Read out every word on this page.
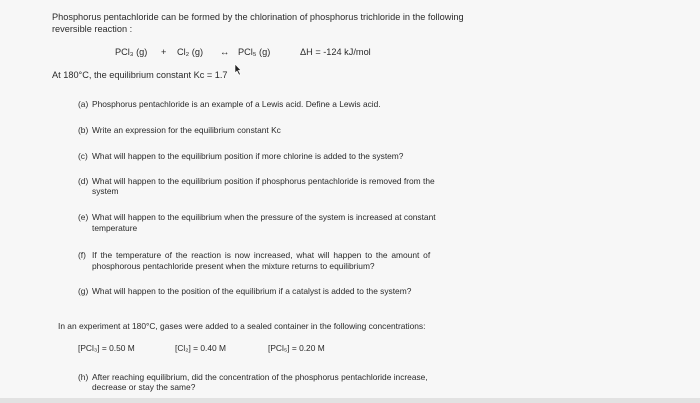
Phosphorus pentachloride can be formed by the chlorination of phosphorus trichloride in the following
reversible reaction :
PCl₃ (g) + Cl₂ (g) ↔ PCl₅ (g)	ΔH = -124 kJ/mol
At 180°C, the equilibrium constant Kc = 1.7
(a) Phosphorus pentachloride is an example of a Lewis acid. Define a Lewis acid.
(b) Write an expression for the equilibrium constant Kc
(c) What will happen to the equilibrium position if more chlorine is added to the system?
(d) What will happen to the equilibrium position if phosphorus pentachloride is removed from the
system
(e) What will happen to the equilibrium when the pressure of the system is increased at constant
temperature
(f) If the temperature of the reaction is now increased, what will happen to the amount of
phosphorous pentachloride present when the mixture returns to equilibrium?
(g) What will happen to the position of the equilibrium if a catalyst is added to the system?
In an experiment at 180°C, gases were added to a sealed container in the following concentrations:
[PCl₃] = 0.50 M	[Cl₂] = 0.40 M	[PCl₅] = 0.20 M
(h) After reaching equilibrium, did the concentration of the phosphorus pentachloride increase,
decrease or stay the same?
